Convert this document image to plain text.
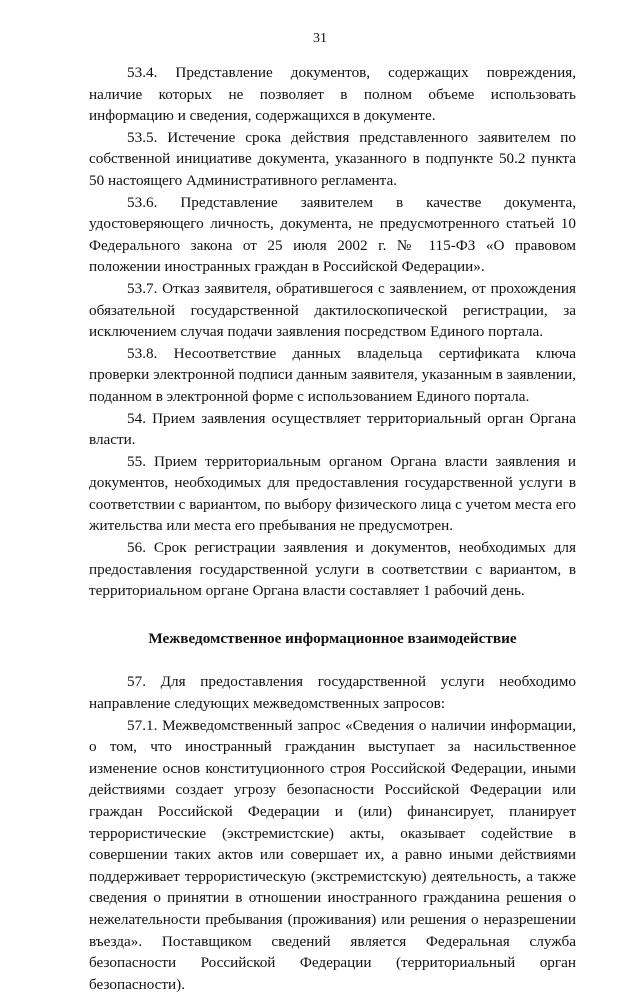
31

53.4. Представление документов, содержащих повреждения, наличие которых не позволяет в полном объеме использовать информацию и сведения, содержащихся в документе.

53.5. Истечение срока действия представленного заявителем по собственной инициативе документа, указанного в подпункте 50.2 пункта 50 настоящего Административного регламента.

53.6. Представление заявителем в качестве документа, удостоверяющего личность, документа, не предусмотренного статьей 10 Федерального закона от 25 июля 2002 г. № 115-ФЗ «О правовом положении иностранных граждан в Российской Федерации».

53.7. Отказ заявителя, обратившегося с заявлением, от прохождения обязательной государственной дактилоскопической регистрации, за исключением случая подачи заявления посредством Единого портала.

53.8. Несоответствие данных владельца сертификата ключа проверки электронной подписи данным заявителя, указанным в заявлении, поданном в электронной форме с использованием Единого портала.

54. Прием заявления осуществляет территориальный орган Органа власти.

55. Прием территориальным органом Органа власти заявления и документов, необходимых для предоставления государственной услуги в соответствии с вариантом, по выбору физического лица с учетом места его жительства или места его пребывания не предусмотрен.

56. Срок регистрации заявления и документов, необходимых для предоставления государственной услуги в соответствии с вариантом, в территориальном органе Органа власти составляет 1 рабочий день.

Межведомственное информационное взаимодействие

57. Для предоставления государственной услуги необходимо направление следующих межведомственных запросов:

57.1. Межведомственный запрос «Сведения о наличии информации, о том, что иностранный гражданин выступает за насильственное изменение основ конституционного строя Российской Федерации, иными действиями создает угрозу безопасности Российской Федерации или граждан Российской Федерации и (или) финансирует, планирует террористические (экстремистские) акты, оказывает содействие в совершении таких актов или совершает их, а равно иными действиями поддерживает террористическую (экстремистскую) деятельность, а также сведения о принятии в отношении иностранного гражданина решения о нежелательности пребывания (проживания) или решения о неразрешении въезда». Поставщиком сведений является Федеральная служба безопасности Российской Федерации (территориальный орган безопасности).
